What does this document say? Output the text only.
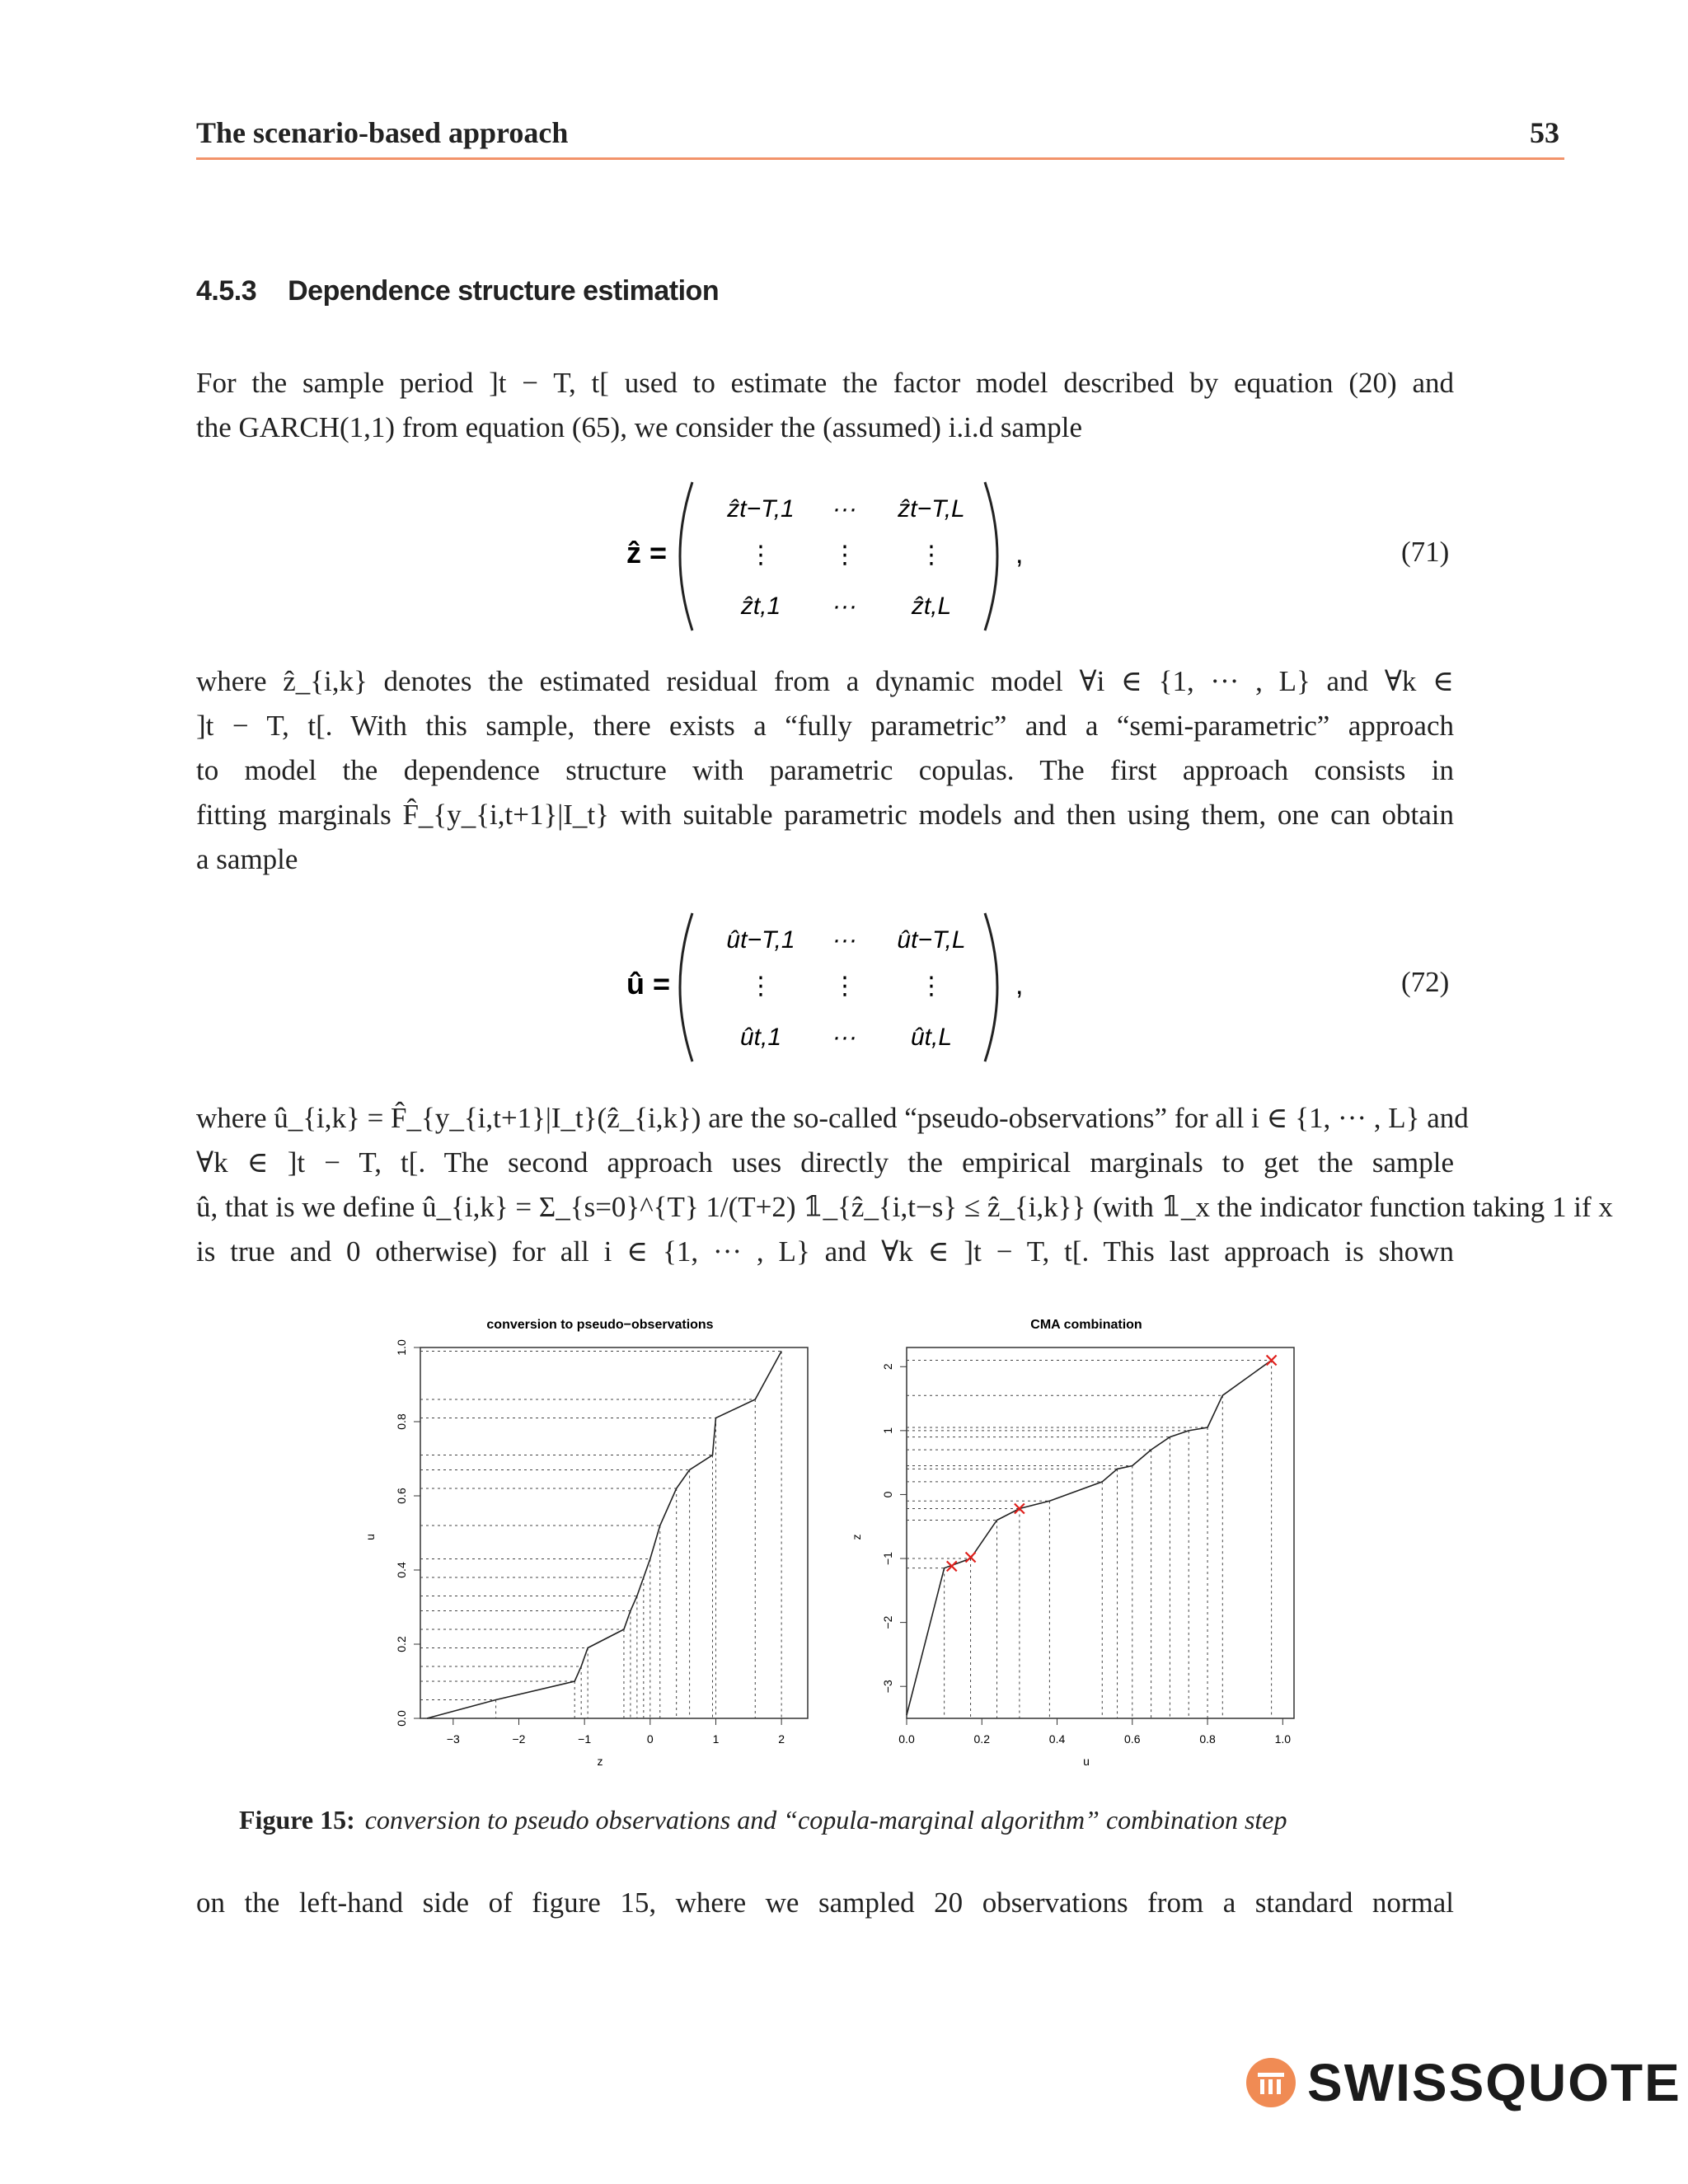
The scenario-based approach	53
4.5.3 Dependence structure estimation
For the sample period ]t − T, t[ used to estimate the factor model described by equation (20) and
the GARCH(1,1) from equation (65), we consider the (assumed) i.i.d sample
ẑ =
ẑt−T,1 ··· ẑt−T,L
⋮ ⋮	⋮
ẑt,1 ··· ẑt,L
,	(71)
where ẑ_{i,k} denotes the estimated residual from a dynamic model ∀i ∈ {1, ··· , L} and ∀k ∈
]t − T, t[. With this sample, there exists a “fully parametric” and a “semi-parametric” approach
to model the dependence structure with parametric copulas. The first approach consists in
fitting marginals F̂_{y_{i,t+1}|I_t} with suitable parametric models and then using them, one can obtain
a sample
û =
ût−T,1 ··· ût−T,L
⋮ ⋮	⋮
ût,1 ··· ût,L
,	(72)
where û_{i,k} = F̂_{y_{i,t+1}|I_t}(ẑ_{i,k}) are the so-called “pseudo-observations” for all i ∈ {1, ··· , L} and
∀k ∈ ]t − T, t[. The second approach uses directly the empirical marginals to get the sample
û, that is we define û_{i,k} = Σ_{s=0}^{T} 1/(T+2) 𝟙_{ẑ_{i,t−s} ≤ ẑ_{i,k}} (with 𝟙_x the indicator function taking 1 if x
is true and 0 otherwise) for all i ∈ {1, ··· , L} and ∀k ∈ ]t − T, t[. This last approach is shown
conversion to pseudo−observations
z
u
−3	−2	−1	0	1	2
0.0
0.2
0.4
0.6
0.8
1.0
CMA combination
u
z
0.0	0.2	0.4	0.6	0.8	1.0
−3
−2
−1
0
1
2
Figure 15: conversion to pseudo observations and “copula-marginal algorithm” combination step
on the left-hand side of figure 15, where we sampled 20 observations from a standard normal
SWISSQUOTE
